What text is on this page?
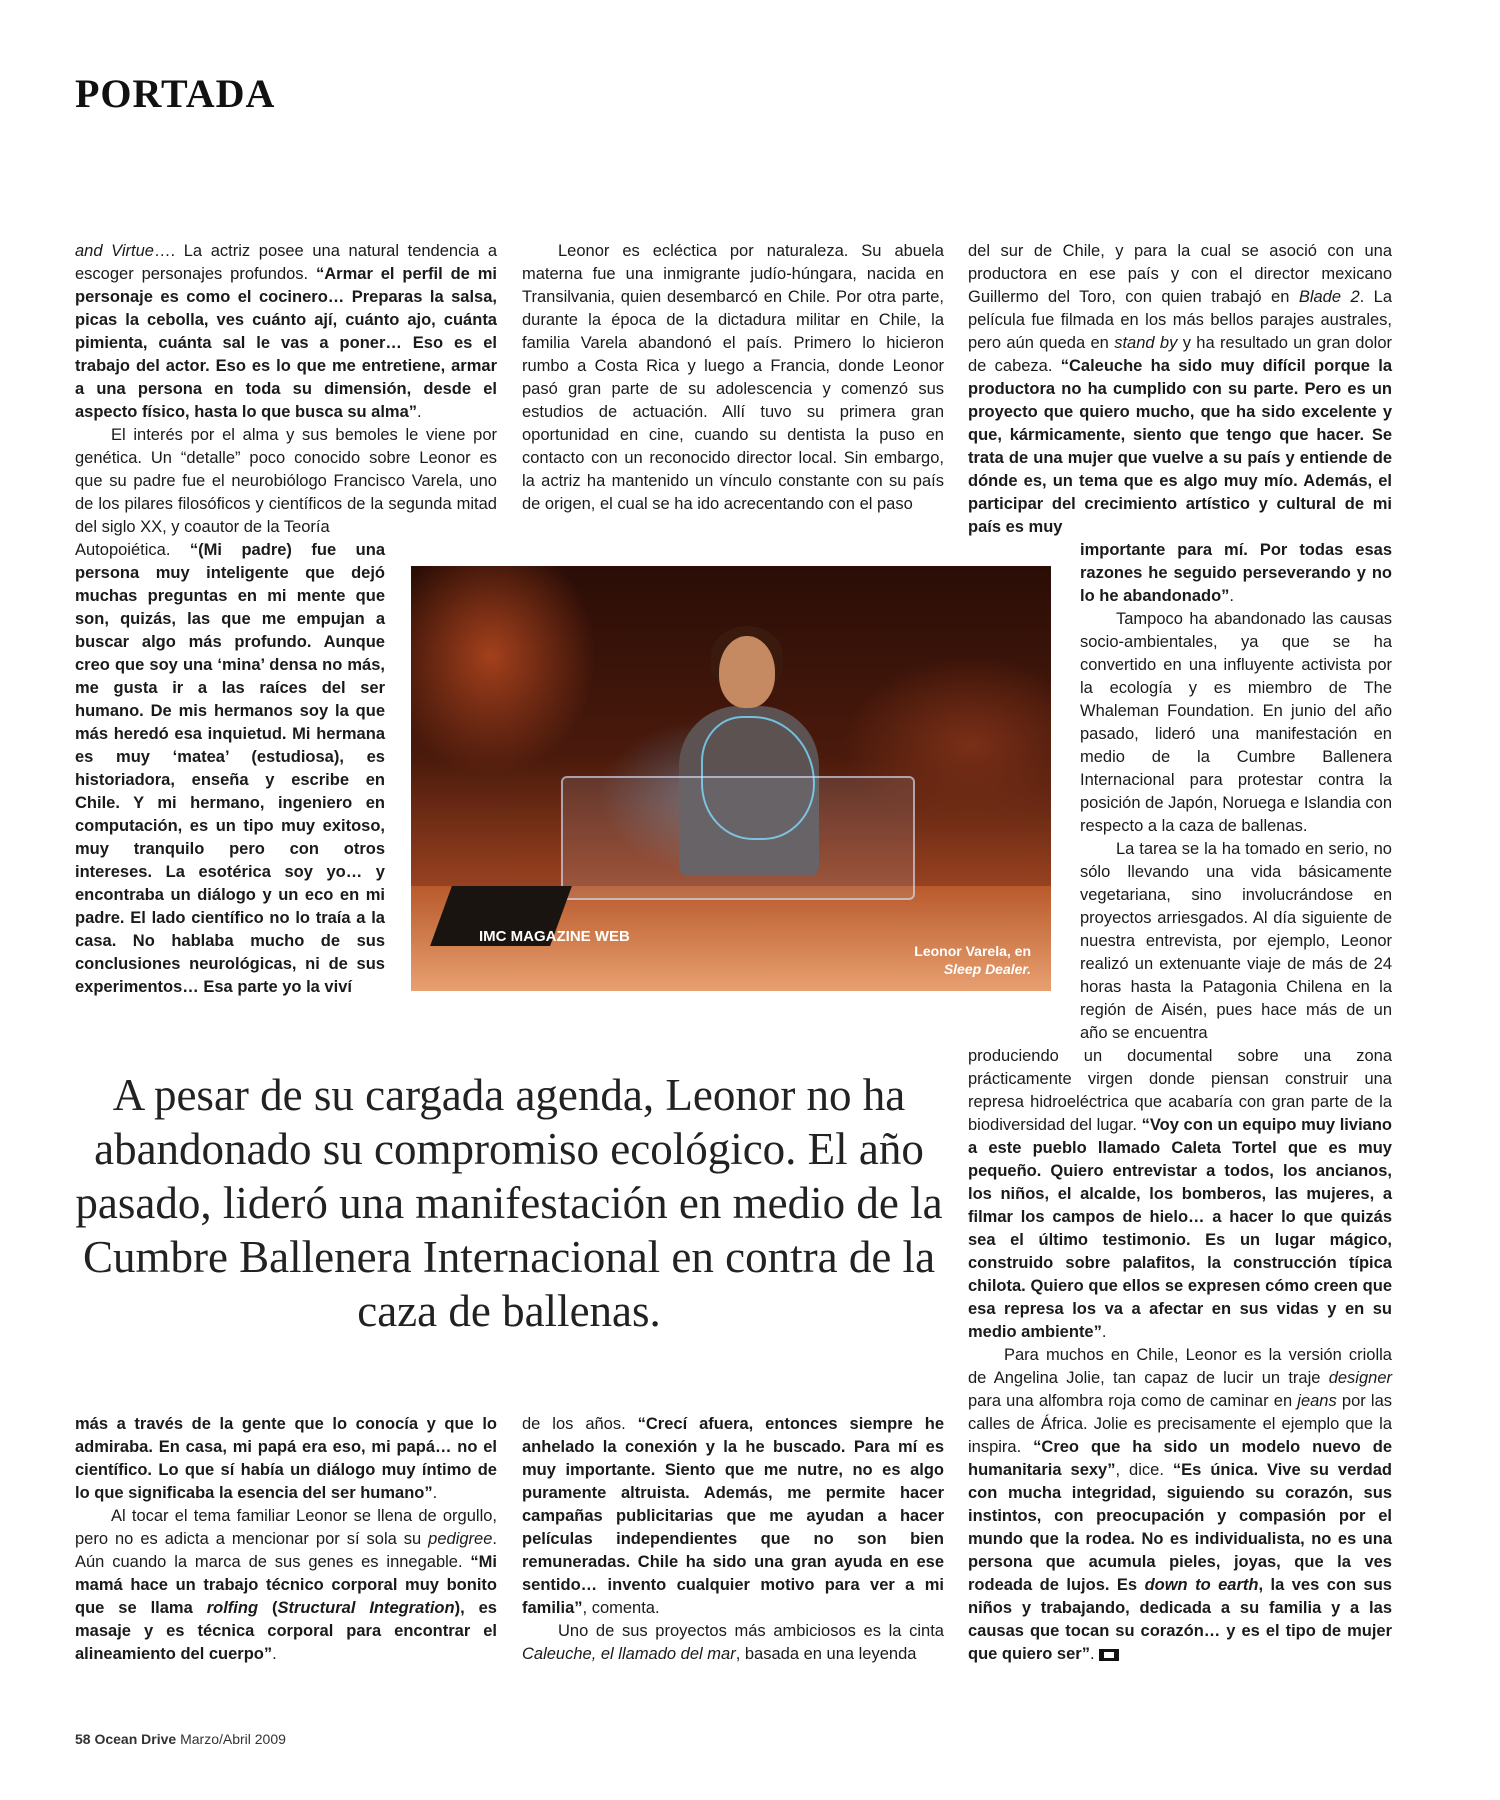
PORTADA

and Virtue…. La actriz posee una natural tendencia a escoger personajes profundos. “Armar el perfil de mi personaje es como el cocinero… Preparas la salsa, picas la cebolla, ves cuánto ají, cuánto ajo, cuánta pimienta, cuánta sal le vas a poner… Eso es el trabajo del actor. Eso es lo que me entretiene, armar a una persona en toda su dimensión, desde el aspecto físico, hasta lo que busca su alma”.

El interés por el alma y sus bemoles le viene por genética. Un “detalle” poco conocido sobre Leonor es que su padre fue el neurobiólogo Francisco Varela, uno de los pilares filosóficos y científicos de la segunda mitad del siglo XX, y coautor de la Teoría

Autopoiética. “(Mi padre) fue una persona muy inteligente que dejó muchas preguntas en mi mente que son, quizás, las que me empujan a buscar algo más profundo. Aunque creo que soy una ‘mina’ densa no más, me gusta ir a las raíces del ser humano. De mis hermanos soy la que más heredó esa inquietud. Mi hermana es muy ‘matea’ (estudiosa), es historiadora, enseña y escribe en Chile. Y mi hermano, ingeniero en computación, es un tipo muy exitoso, muy tranquilo pero con otros intereses. La esotérica soy yo… y encontraba un diálogo y un eco en mi padre. El lado científico no lo traía a la casa. No hablaba mucho de sus conclusiones neurológicas, ni de sus experimentos… Esa parte yo la viví

Leonor es ecléctica por naturaleza. Su abuela materna fue una inmigrante judío-húngara, nacida en Transilvania, quien desembarcó en Chile. Por otra parte, durante la época de la dictadura militar en Chile, la familia Varela abandonó el país. Primero lo hicieron rumbo a Costa Rica y luego a Francia, donde Leonor pasó gran parte de su adolescencia y comenzó sus estudios de actuación. Allí tuvo su primera gran oportunidad en cine, cuando su dentista la puso en contacto con un reconocido director local. Sin embargo, la actriz ha mantenido un vínculo constante con su país de origen, el cual se ha ido acrecentando con el paso

del sur de Chile, y para la cual se asoció con una productora en ese país y con el director mexicano Guillermo del Toro, con quien trabajó en Blade 2. La película fue filmada en los más bellos parajes australes, pero aún queda en stand by y ha resultado un gran dolor de cabeza. “Caleuche ha sido muy difícil porque la productora no ha cumplido con su parte. Pero es un proyecto que quiero mucho, que ha sido excelente y que, kármicamente, siento que tengo que hacer. Se trata de una mujer que vuelve a su país y entiende de dónde es, un tema que es algo muy mío. Además, el participar del crecimiento artístico y cultural de mi país es muy

importante para mí. Por todas esas razones he seguido perseverando y no lo he abandonado”.

Tampoco ha abandonado las causas socio-ambientales, ya que se ha convertido en una influyente activista por la ecología y es miembro de The Whaleman Foundation. En junio del año pasado, lideró una manifestación en medio de la Cumbre Ballenera Internacional para protestar contra la posición de Japón, Noruega e Islandia con respecto a la caza de ballenas.

La tarea se la ha tomado en serio, no sólo llevando una vida básicamente vegetariana, sino involucrándose en proyectos arriesgados. Al día siguiente de nuestra entrevista, por ejemplo, Leonor realizó un extenuante viaje de más de 24 horas hasta la Patagonia Chilena en la región de Aisén, pues hace más de un año se encuentra

produciendo un documental sobre una zona prácticamente virgen donde piensan construir una represa hidroeléctrica que acabaría con gran parte de la biodiversidad del lugar. “Voy con un equipo muy liviano a este pueblo llamado Caleta Tortel que es muy pequeño. Quiero entrevistar a todos, los ancianos, los niños, el alcalde, los bomberos, las mujeres, a filmar los campos de hielo… a hacer lo que quizás sea el último testimonio. Es un lugar mágico, construido sobre palafitos, la construcción típica chilota. Quiero que ellos se expresen cómo creen que esa represa los va a afectar en sus vidas y en su medio ambiente”.

Para muchos en Chile, Leonor es la versión criolla de Angelina Jolie, tan capaz de lucir un traje designer para una alfombra roja como de caminar en jeans por las calles de África. Jolie es precisamente el ejemplo que la inspira. “Creo que ha sido un modelo nuevo de humanitaria sexy”, dice. “Es única. Vive su verdad con mucha integridad, siguiendo su corazón, sus instintos, con preocupación y compasión por el mundo que la rodea. No es individualista, no es una persona que acumula pieles, joyas, que la ves rodeada de lujos. Es down to earth, la ves con sus niños y trabajando, dedicada a su familia y a las causas que tocan su corazón… y es el tipo de mujer que quiero ser”.

IMC MAGAZINE WEB
Leonor Varela, en
Sleep Dealer.

A pesar de su cargada agenda, Leonor no ha abandonado su compromiso ecológico. El año pasado, lideró una manifestación en medio de la Cumbre Ballenera Internacional en contra de la caza de ballenas.

más a través de la gente que lo conocía y que lo admiraba. En casa, mi papá era eso, mi papá… no el científico. Lo que sí había un diálogo muy íntimo de lo que significaba la esencia del ser humano”.

Al tocar el tema familiar Leonor se llena de orgullo, pero no es adicta a mencionar por sí sola su pedigree. Aún cuando la marca de sus genes es innegable. “Mi mamá hace un trabajo técnico corporal muy bonito que se llama rolfing (Structural Integration), es masaje y es técnica corporal para encontrar el alineamiento del cuerpo”.

de los años. “Crecí afuera, entonces siempre he anhelado la conexión y la he buscado. Para mí es muy importante. Siento que me nutre, no es algo puramente altruista. Además, me permite hacer campañas publicitarias que me ayudan a hacer películas independientes que no son bien remuneradas. Chile ha sido una gran ayuda en ese sentido… invento cualquier motivo para ver a mi familia”, comenta.

Uno de sus proyectos más ambiciosos es la cinta Caleuche, el llamado del mar, basada en una leyenda

58 Ocean Drive Marzo/Abril 2009
